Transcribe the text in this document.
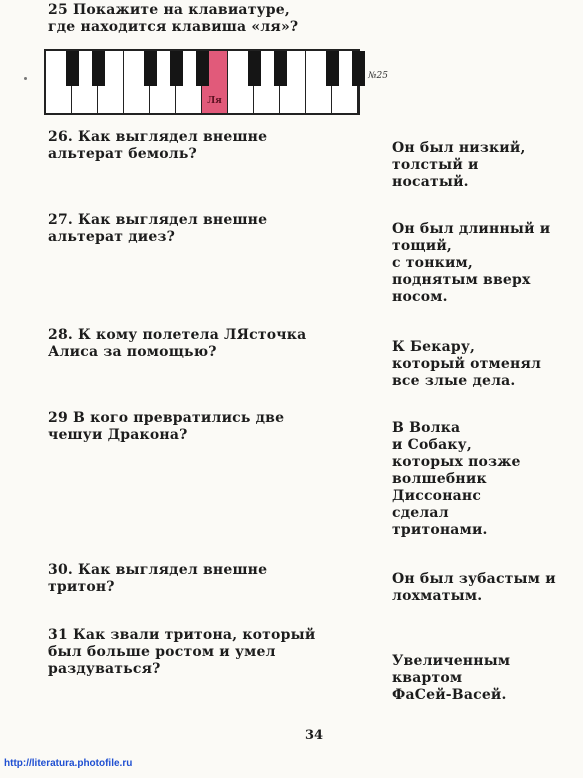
25 Покажите на клавиатуре,
где находится клавиша «ля»?
Ля
№25
26. Как выглядел внешне
альтерат бемоль?	Он был низкий,
толстый и
носатый.
27. Как выглядел внешне
альтерат диез?	Он был длинный и
тощий,
с тонким,
поднятым вверх
носом.
28. К кому полетела ЛЯсточка
Алиса за помощью?	К Бекару,
который отменял
все злые дела.
29 В кого превратились две
чешуи Дракона?	В Волка
и Собаку,
которых позже
волшебник
Диссонанс
сделал
тритонами.
30. Как выглядел внешне
тритон?	Он был зубастым и
лохматым.
31 Как звали тритона, который
был больше ростом и умел
раздуваться?	Увеличенным
квартом
ФаСей-Васей.
34
http://literatura.photofile.ru
